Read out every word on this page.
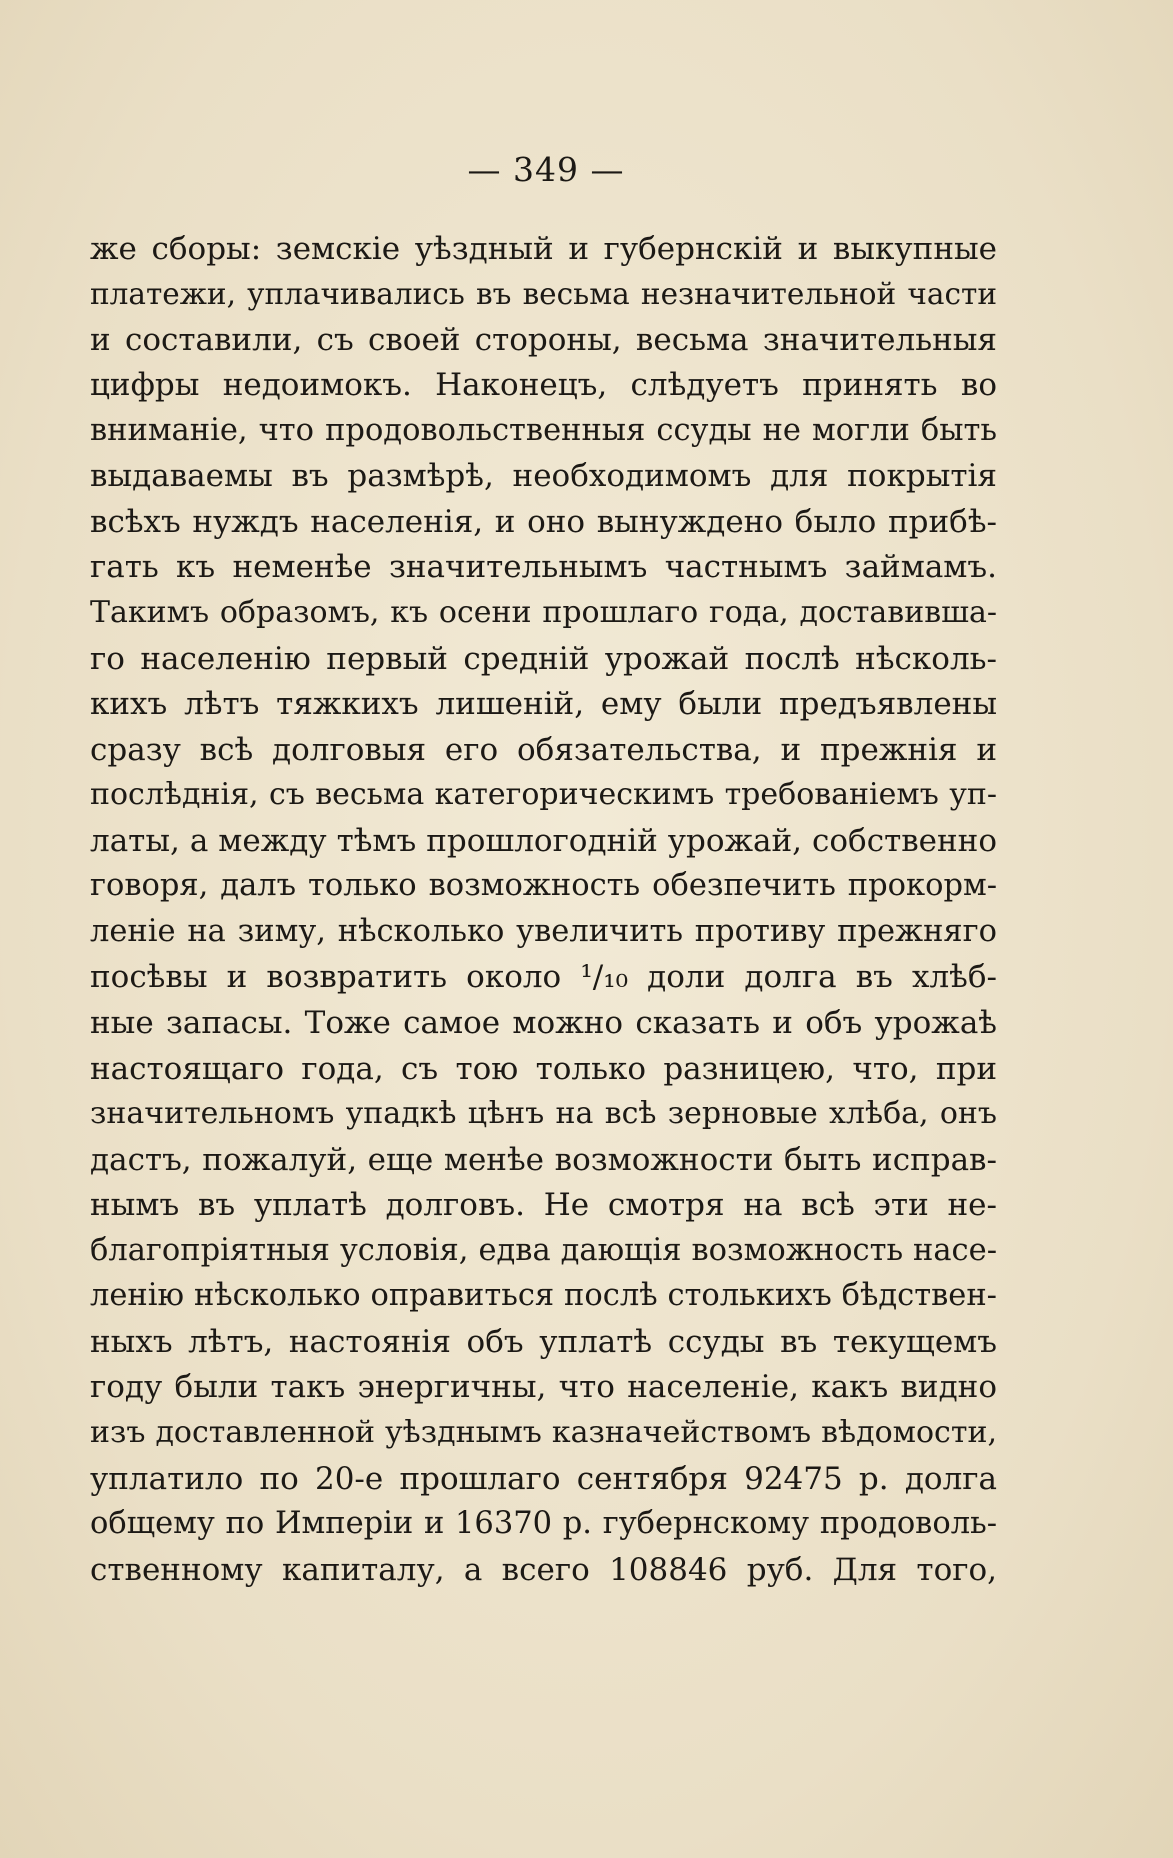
— 349 —
же сборы: земскіе уѣздный и губернскій и выкупные
платежи, уплачивались въ весьма незначительной части
и составили, съ своей стороны, весьма значительныя
цифры недоимокъ. Наконецъ, слѣдуетъ принять во
вниманіе, что продовольственныя ссуды не могли быть
выдаваемы въ размѣрѣ, необходимомъ для покрытія
всѣхъ нуждъ населенія, и оно вынуждено было прибѣ-
гать къ неменѣе значительнымъ частнымъ займамъ.
Такимъ образомъ, къ осени прошлаго года, доставивша-
го населенію первый средній урожай послѣ нѣсколь-
кихъ лѣтъ тяжкихъ лишеній, ему были предъявлены
сразу всѣ долговыя его обязательства, и прежнія и
послѣднія, съ весьма категорическимъ требованіемъ уп-
латы, а между тѣмъ прошлогодній урожай, собственно
говоря, далъ только возможность обезпечить прокорм-
леніе на зиму, нѣсколько увеличить противу прежняго
посѣвы и возвратить около ¹/₁₀ доли долга въ хлѣб-
ные запасы. Тоже самое можно сказать и объ урожаѣ
настоящаго года, съ тою только разницею, что, при
значительномъ упадкѣ цѣнъ на всѣ зерновые хлѣба, онъ
дастъ, пожалуй, еще менѣе возможности быть исправ-
нымъ въ уплатѣ долговъ. Не смотря на всѣ эти не-
благопріятныя условія, едва дающія возможность насе-
ленію нѣсколько оправиться послѣ столькихъ бѣдствен-
ныхъ лѣтъ, настоянія объ уплатѣ ссуды въ текущемъ
году были такъ энергичны, что населеніе, какъ видно
изъ доставленной уѣзднымъ казначействомъ вѣдомости,
уплатило по 20-е прошлаго сентября 92475 р. долга
общему по Имперіи и 16370 р. губернскому продоволь-
ственному капиталу, а всего 108846 руб. Для того,
